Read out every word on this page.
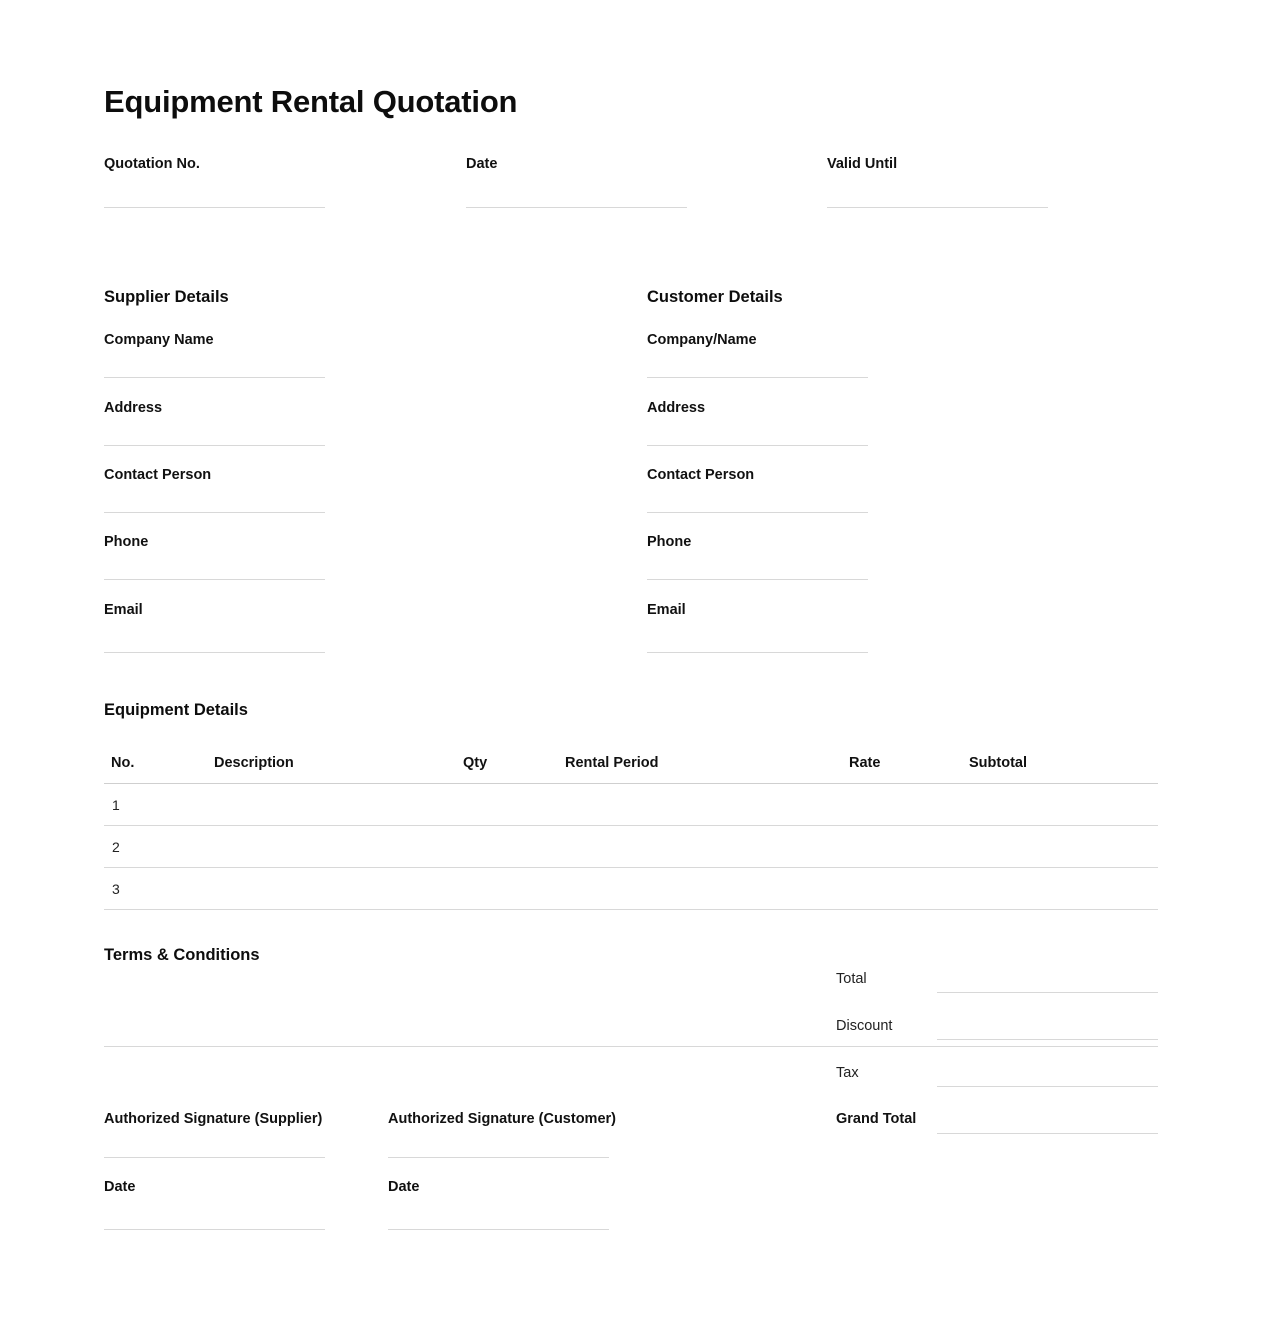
Equipment Rental Quotation
Quotation No.	Date	Valid Until
Supplier Details
Company Name
Address
Contact Person
Phone
Email
Customer Details
Company/Name
Address
Contact Person
Phone
Email
Equipment Details
No.	Description	Qty	Rental Period	Rate	Subtotal
1
2
3
Terms & Conditions
Total
Discount
Tax
Grand Total
Authorized Signature (Supplier)	Authorized Signature (Customer)
Date	Date
